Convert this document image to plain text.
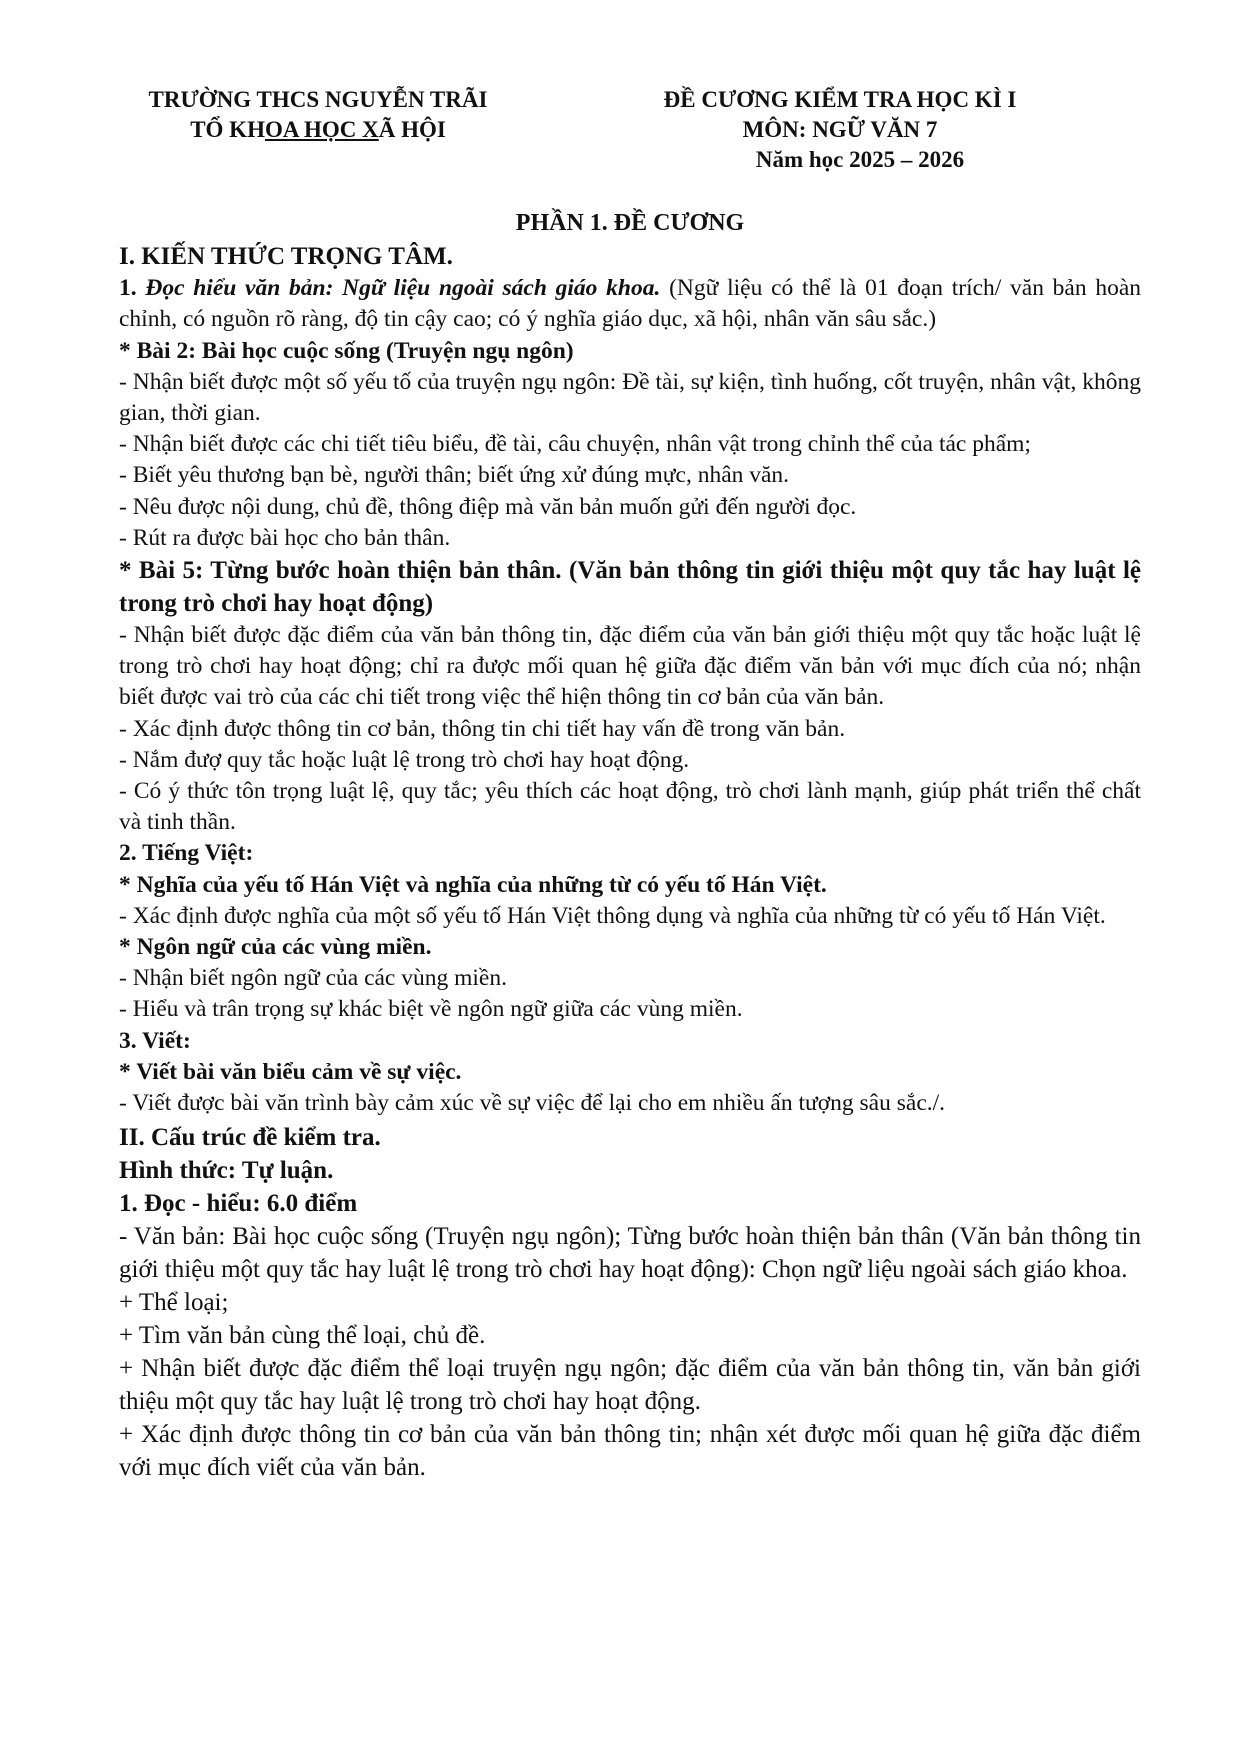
TRƯỜNG THCS NGUYỄN TRÃI
TỔ KHOA HỌC XÃ HỘI
ĐỀ CƯƠNG KIỂM TRA HỌC KÌ I
MÔN: NGỮ VĂN 7
Năm học 2025 – 2026
PHẦN 1. ĐỀ CƯƠNG
I. KIẾN THỨC TRỌNG TÂM.

1. Đọc hiểu văn bản: Ngữ liệu ngoài sách giáo khoa. (Ngữ liệu có thể là 01 đoạn trích/ văn bản hoàn chỉnh, có nguồn rõ ràng, độ tin cậy cao; có ý nghĩa giáo dục, xã hội, nhân văn sâu sắc.)

* Bài 2: Bài học cuộc sống (Truyện ngụ ngôn)

- Nhận biết được một số yếu tố của truyện ngụ ngôn: Đề tài, sự kiện, tình huống, cốt truyện, nhân vật, không gian, thời gian.

- Nhận biết được các chi tiết tiêu biểu, đề tài, câu chuyện, nhân vật trong chỉnh thể của tác phẩm;

- Biết yêu thương bạn bè, người thân; biết ứng xử đúng mực, nhân văn.

- Nêu được nội dung, chủ đề, thông điệp mà văn bản muốn gửi đến người đọc.

- Rút ra được bài học cho bản thân.

* Bài 5: Từng bước hoàn thiện bản thân. (Văn bản thông tin giới thiệu một quy tắc hay luật lệ trong trò chơi hay hoạt động)

- Nhận biết được đặc điểm của văn bản thông tin, đặc điểm của văn bản giới thiệu một quy tắc hoặc luật lệ trong trò chơi hay hoạt động; chỉ ra được mối quan hệ giữa đặc điểm văn bản với mục đích của nó; nhận biết được vai trò của các chi tiết trong việc thể hiện thông tin cơ bản của văn bản.

- Xác định được thông tin cơ bản, thông tin chi tiết hay vấn đề trong văn bản.

- Nắm đượ quy tắc hoặc luật lệ trong trò chơi hay hoạt động.

- Có ý thức tôn trọng luật lệ, quy tắc; yêu thích các hoạt động, trò chơi lành mạnh, giúp phát triển thể chất và tinh thần.

2. Tiếng Việt:

* Nghĩa của yếu tố Hán Việt và nghĩa của những từ có yếu tố Hán Việt.

- Xác định được nghĩa của một số yếu tố Hán Việt thông dụng và nghĩa của những từ có yếu tố Hán Việt.

* Ngôn ngữ của các vùng miền.

- Nhận biết ngôn ngữ của các vùng miền.

- Hiểu và trân trọng sự khác biệt về ngôn ngữ giữa các vùng miền.

3. Viết:

* Viết bài văn biểu cảm về sự việc.

- Viết được bài văn trình bày cảm xúc về sự việc để lại cho em nhiều ấn tượng sâu sắc./.

II. Cấu trúc đề kiểm tra.

Hình thức: Tự luận.

1. Đọc - hiểu: 6.0 điểm

- Văn bản: Bài học cuộc sống (Truyện ngụ ngôn); Từng bước hoàn thiện bản thân (Văn bản thông tin giới thiệu một quy tắc hay luật lệ trong trò chơi hay hoạt động): Chọn ngữ liệu ngoài sách giáo khoa.

+ Thể loại;

+ Tìm văn bản cùng thể loại, chủ đề.

+ Nhận biết được đặc điểm thể loại truyện ngụ ngôn; đặc điểm của văn bản thông tin, văn bản giới thiệu một quy tắc hay luật lệ trong trò chơi hay hoạt động.

+ Xác định được thông tin cơ bản của văn bản thông tin; nhận xét được mối quan hệ giữa đặc điểm với mục đích viết của văn bản.
